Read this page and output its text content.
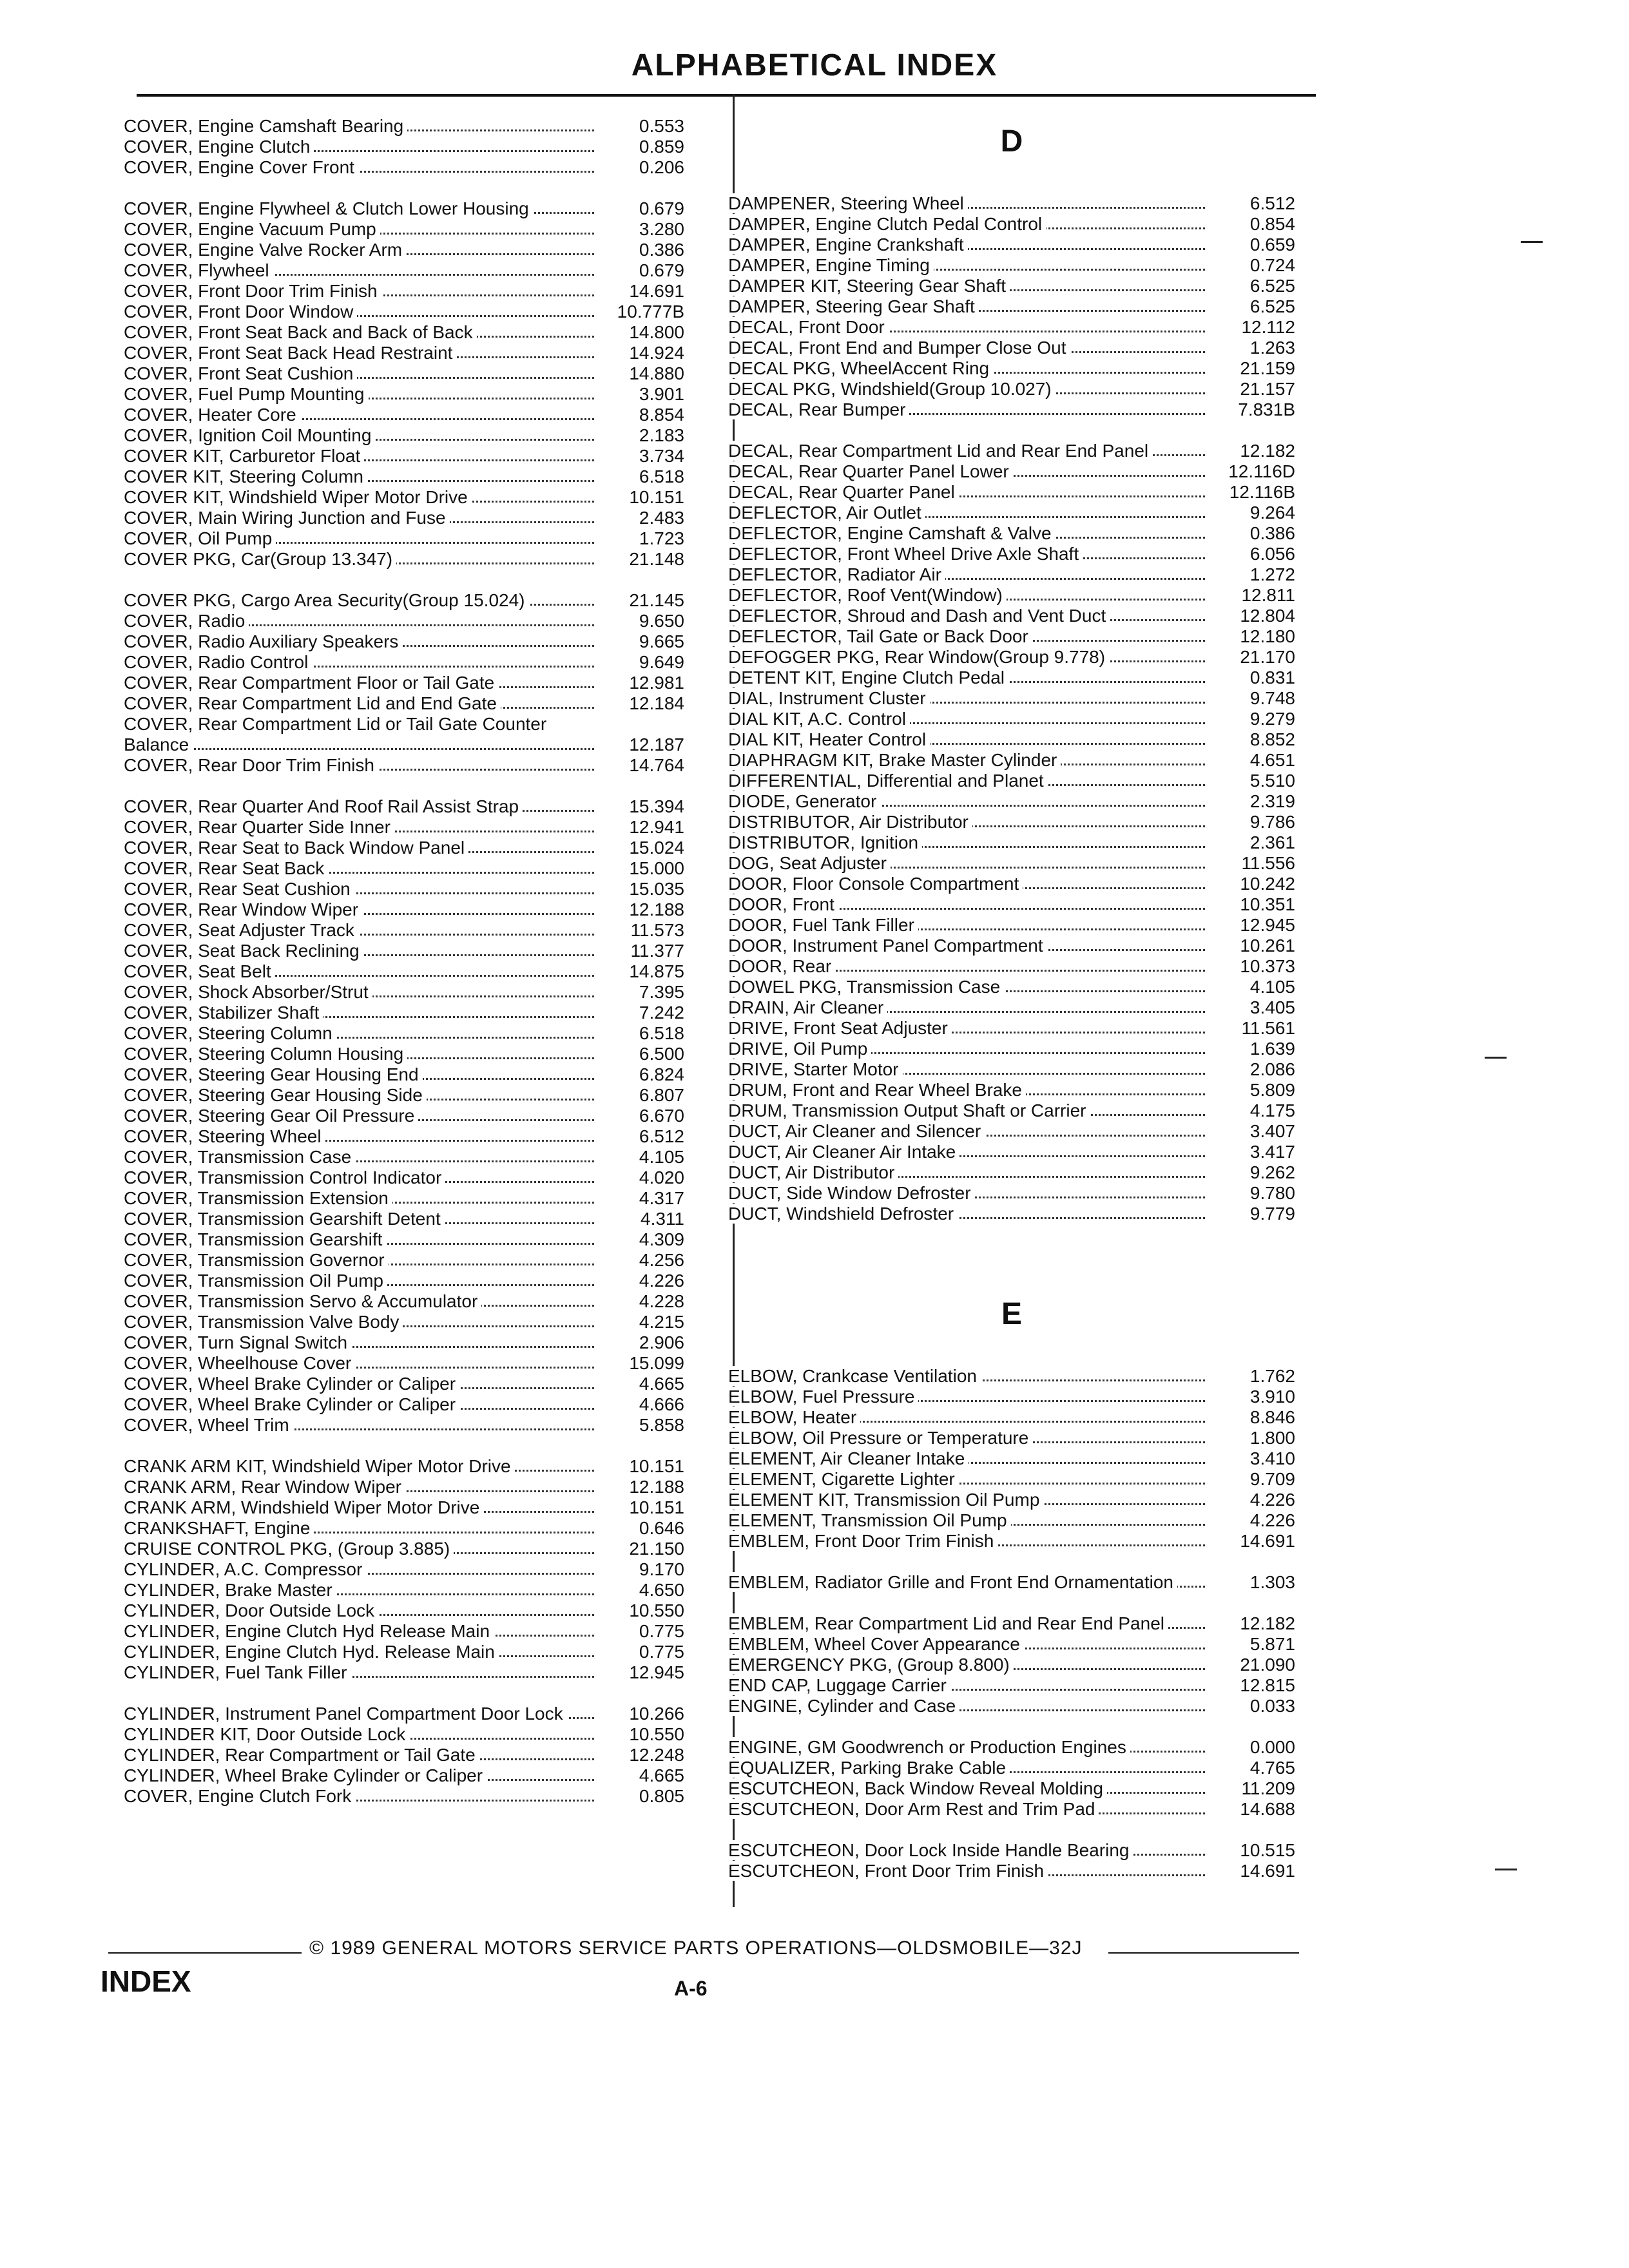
ALPHABETICAL INDEX
COVER, Engine Camshaft Bearing	0.553
COVER, Engine Clutch	0.859
COVER, Engine Cover Front	0.206
COVER, Engine Flywheel & Clutch Lower Housing	0.679
COVER, Engine Vacuum Pump	3.280
COVER, Engine Valve Rocker Arm	0.386
COVER, Flywheel	0.679
COVER, Front Door Trim Finish	14.691
COVER, Front Door Window	10.777B
COVER, Front Seat Back and Back of Back	14.800
COVER, Front Seat Back Head Restraint	14.924
COVER, Front Seat Cushion	14.880
COVER, Fuel Pump Mounting	3.901
COVER, Heater Core	8.854
COVER, Ignition Coil Mounting	2.183
COVER KIT, Carburetor Float	3.734
COVER KIT, Steering Column	6.518
COVER KIT, Windshield Wiper Motor Drive	10.151
COVER, Main Wiring Junction and Fuse	2.483
COVER, Oil Pump	1.723
COVER PKG, Car(Group 13.347)	21.148
COVER PKG, Cargo Area Security(Group 15.024)	21.145
COVER, Radio	9.650
COVER, Radio Auxiliary Speakers	9.665
COVER, Radio Control	9.649
COVER, Rear Compartment Floor or Tail Gate	12.981
COVER, Rear Compartment Lid and End Gate	12.184
COVER, Rear Compartment Lid or Tail Gate Counter Balance	12.187
COVER, Rear Door Trim Finish	14.764
COVER, Rear Quarter And Roof Rail Assist Strap	15.394
COVER, Rear Quarter Side Inner	12.941
COVER, Rear Seat to Back Window Panel	15.024
COVER, Rear Seat Back	15.000
COVER, Rear Seat Cushion	15.035
COVER, Rear Window Wiper	12.188
COVER, Seat Adjuster Track	11.573
COVER, Seat Back Reclining	11.377
COVER, Seat Belt	14.875
COVER, Shock Absorber/Strut	7.395
COVER, Stabilizer Shaft	7.242
COVER, Steering Column	6.518
COVER, Steering Column Housing	6.500
COVER, Steering Gear Housing End	6.824
COVER, Steering Gear Housing Side	6.807
COVER, Steering Gear Oil Pressure	6.670
COVER, Steering Wheel	6.512
COVER, Transmission Case	4.105
COVER, Transmission Control Indicator	4.020
COVER, Transmission Extension	4.317
COVER, Transmission Gearshift Detent	4.311
COVER, Transmission Gearshift	4.309
COVER, Transmission Governor	4.256
COVER, Transmission Oil Pump	4.226
COVER, Transmission Servo & Accumulator	4.228
COVER, Transmission Valve Body	4.215
COVER, Turn Signal Switch	2.906
COVER, Wheelhouse Cover	15.099
COVER, Wheel Brake Cylinder or Caliper	4.665
COVER, Wheel Brake Cylinder or Caliper	4.666
COVER, Wheel Trim	5.858
CRANK ARM KIT, Windshield Wiper Motor Drive	10.151
CRANK ARM, Rear Window Wiper	12.188
CRANK ARM, Windshield Wiper Motor Drive	10.151
CRANKSHAFT, Engine	0.646
CRUISE CONTROL PKG, (Group 3.885)	21.150
CYLINDER, A.C. Compressor	9.170
CYLINDER, Brake Master	4.650
CYLINDER, Door Outside Lock	10.550
CYLINDER, Engine Clutch Hyd Release Main	0.775
CYLINDER, Engine Clutch Hyd. Release Main	0.775
CYLINDER, Fuel Tank Filler	12.945
CYLINDER, Instrument Panel Compartment Door Lock	10.266
CYLINDER KIT, Door Outside Lock	10.550
CYLINDER, Rear Compartment or Tail Gate	12.248
CYLINDER, Wheel Brake Cylinder or Caliper	4.665
COVER, Engine Clutch Fork	0.805
D
DAMPENER, Steering Wheel	6.512
DAMPER, Engine Clutch Pedal Control	0.854
DAMPER, Engine Crankshaft	0.659
DAMPER, Engine Timing	0.724
DAMPER KIT, Steering Gear Shaft	6.525
DAMPER, Steering Gear Shaft	6.525
DECAL, Front Door	12.112
DECAL, Front End and Bumper Close Out	1.263
DECAL PKG, WheelAccent Ring	21.159
DECAL PKG, Windshield(Group 10.027)	21.157
DECAL, Rear Bumper	7.831B
DECAL, Rear Compartment Lid and Rear End Panel	12.182
DECAL, Rear Quarter Panel Lower	12.116D
DECAL, Rear Quarter Panel	12.116B
DEFLECTOR, Air Outlet	9.264
DEFLECTOR, Engine Camshaft & Valve	0.386
DEFLECTOR, Front Wheel Drive Axle Shaft	6.056
DEFLECTOR, Radiator Air	1.272
DEFLECTOR, Roof Vent(Window)	12.811
DEFLECTOR, Shroud and Dash and Vent Duct	12.804
DEFLECTOR, Tail Gate or Back Door	12.180
DEFOGGER PKG, Rear Window(Group 9.778)	21.170
DETENT KIT, Engine Clutch Pedal	0.831
DIAL, Instrument Cluster	9.748
DIAL KIT, A.C. Control	9.279
DIAL KIT, Heater Control	8.852
DIAPHRAGM KIT, Brake Master Cylinder	4.651
DIFFERENTIAL, Differential and Planet	5.510
DIODE, Generator	2.319
DISTRIBUTOR, Air Distributor	9.786
DISTRIBUTOR, Ignition	2.361
DOG, Seat Adjuster	11.556
DOOR, Floor Console Compartment	10.242
DOOR, Front	10.351
DOOR, Fuel Tank Filler	12.945
DOOR, Instrument Panel Compartment	10.261
DOOR, Rear	10.373
DOWEL PKG, Transmission Case	4.105
DRAIN, Air Cleaner	3.405
DRIVE, Front Seat Adjuster	11.561
DRIVE, Oil Pump	1.639
DRIVE, Starter Motor	2.086
DRUM, Front and Rear Wheel Brake	5.809
DRUM, Transmission Output Shaft or Carrier	4.175
DUCT, Air Cleaner and Silencer	3.407
DUCT, Air Cleaner Air Intake	3.417
DUCT, Air Distributor	9.262
DUCT, Side Window Defroster	9.780
DUCT, Windshield Defroster	9.779
E
ELBOW, Crankcase Ventilation	1.762
ELBOW, Fuel Pressure	3.910
ELBOW, Heater	8.846
ELBOW, Oil Pressure or Temperature	1.800
ELEMENT, Air Cleaner Intake	3.410
ELEMENT, Cigarette Lighter	9.709
ELEMENT KIT, Transmission Oil Pump	4.226
ELEMENT, Transmission Oil Pump	4.226
EMBLEM, Front Door Trim Finish	14.691
EMBLEM, Radiator Grille and Front End Ornamentation	1.303
EMBLEM, Rear Compartment Lid and Rear End Panel	12.182
EMBLEM, Wheel Cover Appearance	5.871
EMERGENCY PKG, (Group 8.800)	21.090
END CAP, Luggage Carrier	12.815
ENGINE, Cylinder and Case	0.033
ENGINE, GM Goodwrench or Production Engines	0.000
EQUALIZER, Parking Brake Cable	4.765
ESCUTCHEON, Back Window Reveal Molding	11.209
ESCUTCHEON, Door Arm Rest and Trim Pad	14.688
ESCUTCHEON, Door Lock Inside Handle Bearing	10.515
ESCUTCHEON, Front Door Trim Finish	14.691
© 1989 GENERAL MOTORS SERVICE PARTS OPERATIONS—OLDSMOBILE—32J
INDEX	A-6
